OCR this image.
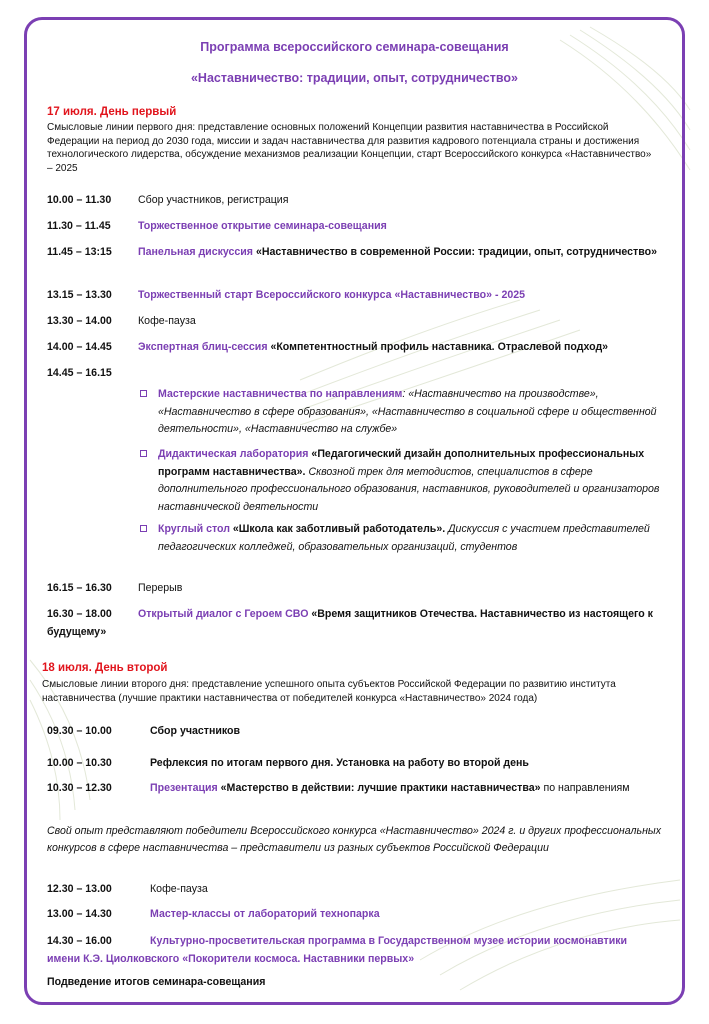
Программа всероссийского семинара-совещания
«Наставничество: традиции, опыт, сотрудничество»
17 июля. День первый
Смысловые линии первого дня: представление основных положений Концепции развития наставничества в Российской Федерации на период до 2030 года, миссии и задач наставничества для развития кадрового потенциала страны и достижения технологического лидерства, обсуждение механизмов реализации Концепции, старт Всероссийского конкурса «Наставничество» – 2025
10.00 – 11.30	Сбор участников, регистрация
11.30 – 11.45	Торжественное открытие семинара-совещания
11.45 – 13:15 Панельная дискуссия «Наставничество в современной России: традиции, опыт, сотрудничество»
13.15 – 13.30 Торжественный старт Всероссийского конкурса «Наставничество» - 2025
13.30 – 14.00 Кофе-пауза
14.00 – 14.45 Экспертная блиц-сессия «Компетентностный профиль наставника. Отраслевой подход»
14.45 – 16.15
Мастерские наставничества по направлениям: «Наставничество на производстве», «Наставничество в сфере образования», «Наставничество в социальной сфере и общественной деятельности», «Наставничество на службе»
Дидактическая лаборатория «Педагогический дизайн дополнительных профессиональных программ наставничества». Сквозной трек для методистов, специалистов в сфере дополнительного профессионального образования, наставников, руководителей и организаторов наставнической деятельности
Круглый стол «Школа как заботливый работодатель». Дискуссия с участием представителей педагогических колледжей, образовательных организаций, студентов
16.15 – 16.30 Перерыв
16.30 – 18.00 Открытый диалог с Героем СВО «Время защитников Отечества. Наставничество из настоящего к будущему»
18 июля. День второй
Смысловые линии второго дня: представление успешного опыта субъектов Российской Федерации по развитию института наставничества (лучшие практики наставничества от победителей конкурса «Наставничество» 2024 года)
09.30 – 10.00	Сбор участников
10.00 – 10.30	Рефлексия по итогам первого дня. Установка на работу во второй день
10.30 – 12.30	Презентация «Мастерство в действии: лучшие практики наставничества» по направлениям
Свой опыт представляют победители Всероссийского конкурса «Наставничество» 2024 г. и других профессиональных конкурсов в сфере наставничества – представители из разных субъектов Российской Федерации
12.30 – 13.00	Кофе-пауза
13.00 – 14.30	Мастер-классы от лабораторий технопарка
14.30 – 16.00	Культурно-просветительская программа в Государственном музее истории космонавтики имени К.Э. Циолковского «Покорители космоса. Наставники первых»
Подведение итогов семинара-совещания
